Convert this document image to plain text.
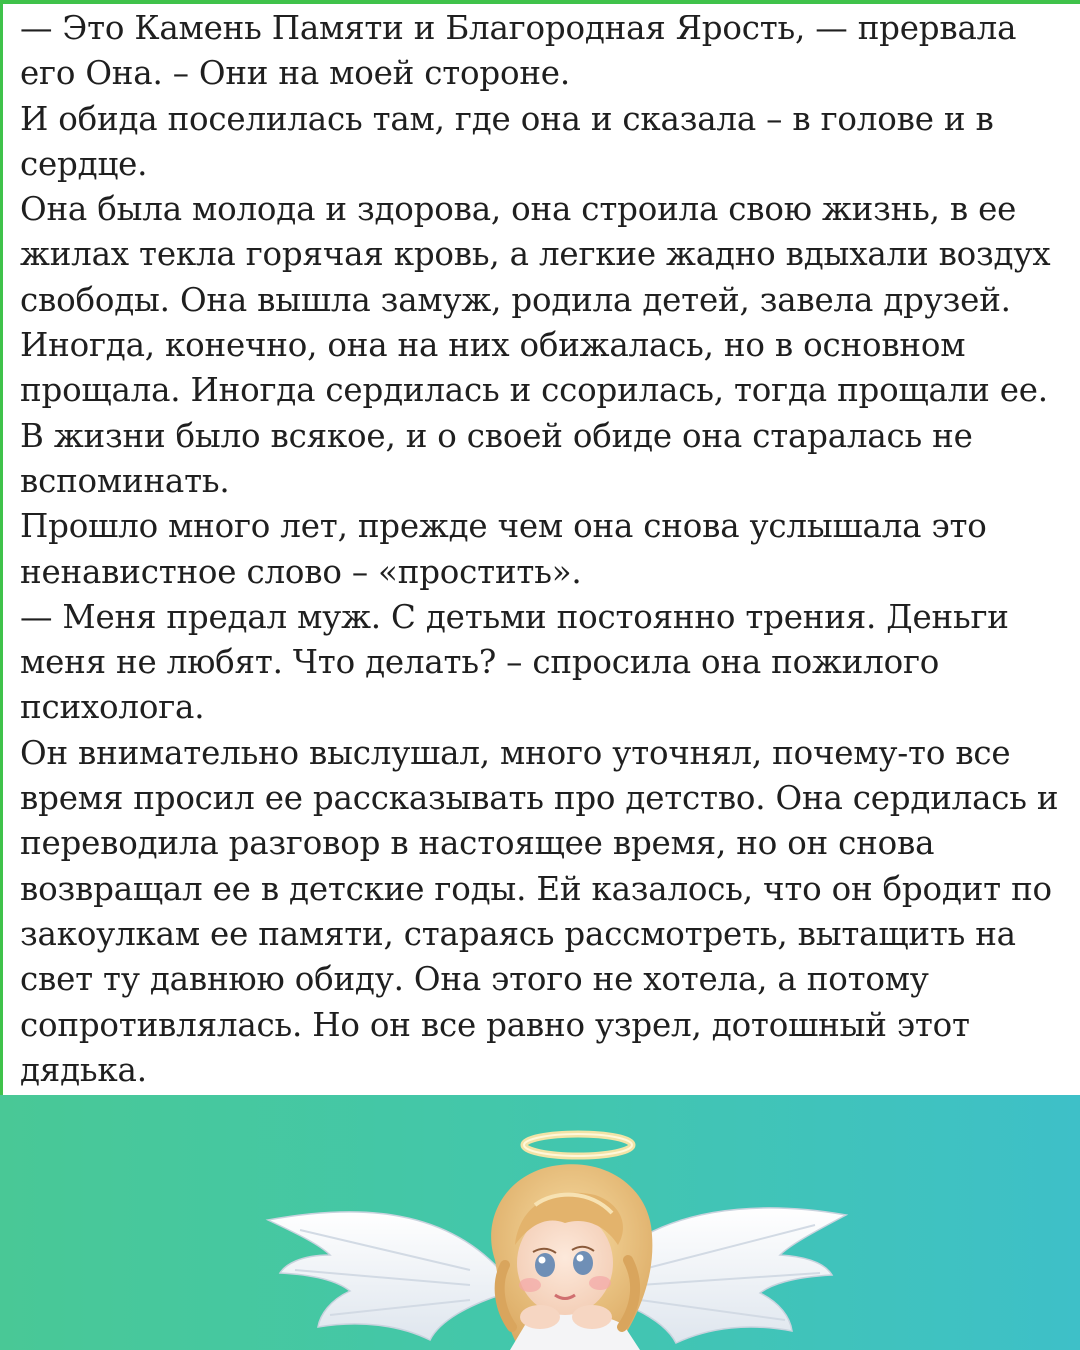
— Это Камень Памяти и Благородная Ярость, — прервала
его Она. – Они на моей стороне.
И обида поселилась там, где она и сказала – в голове и в
сердце.
Она была молода и здорова, она строила свою жизнь, в ее
жилах текла горячая кровь, а легкие жадно вдыхали воздух
свободы. Она вышла замуж, родила детей, завела друзей.
Иногда, конечно, она на них обижалась, но в основном
прощала. Иногда сердилась и ссорилась, тогда прощали ее.
В жизни было всякое, и о своей обиде она старалась не
вспоминать.
Прошло много лет, прежде чем она снова услышала это
ненавистное слово – «простить».
— Меня предал муж. С детьми постоянно трения. Деньги
меня не любят. Что делать? – спросила она пожилого
психолога.
Он внимательно выслушал, много уточнял, почему-то все
время просил ее рассказывать про детство. Она сердилась и
переводила разговор в настоящее время, но он снова
возвращал ее в детские годы. Ей казалось, что он бродит по
закоулкам ее памяти, стараясь рассмотреть, вытащить на
свет ту давнюю обиду. Она этого не хотела, а потому
сопротивлялась. Но он все равно узрел, дотошный этот
дядька.
